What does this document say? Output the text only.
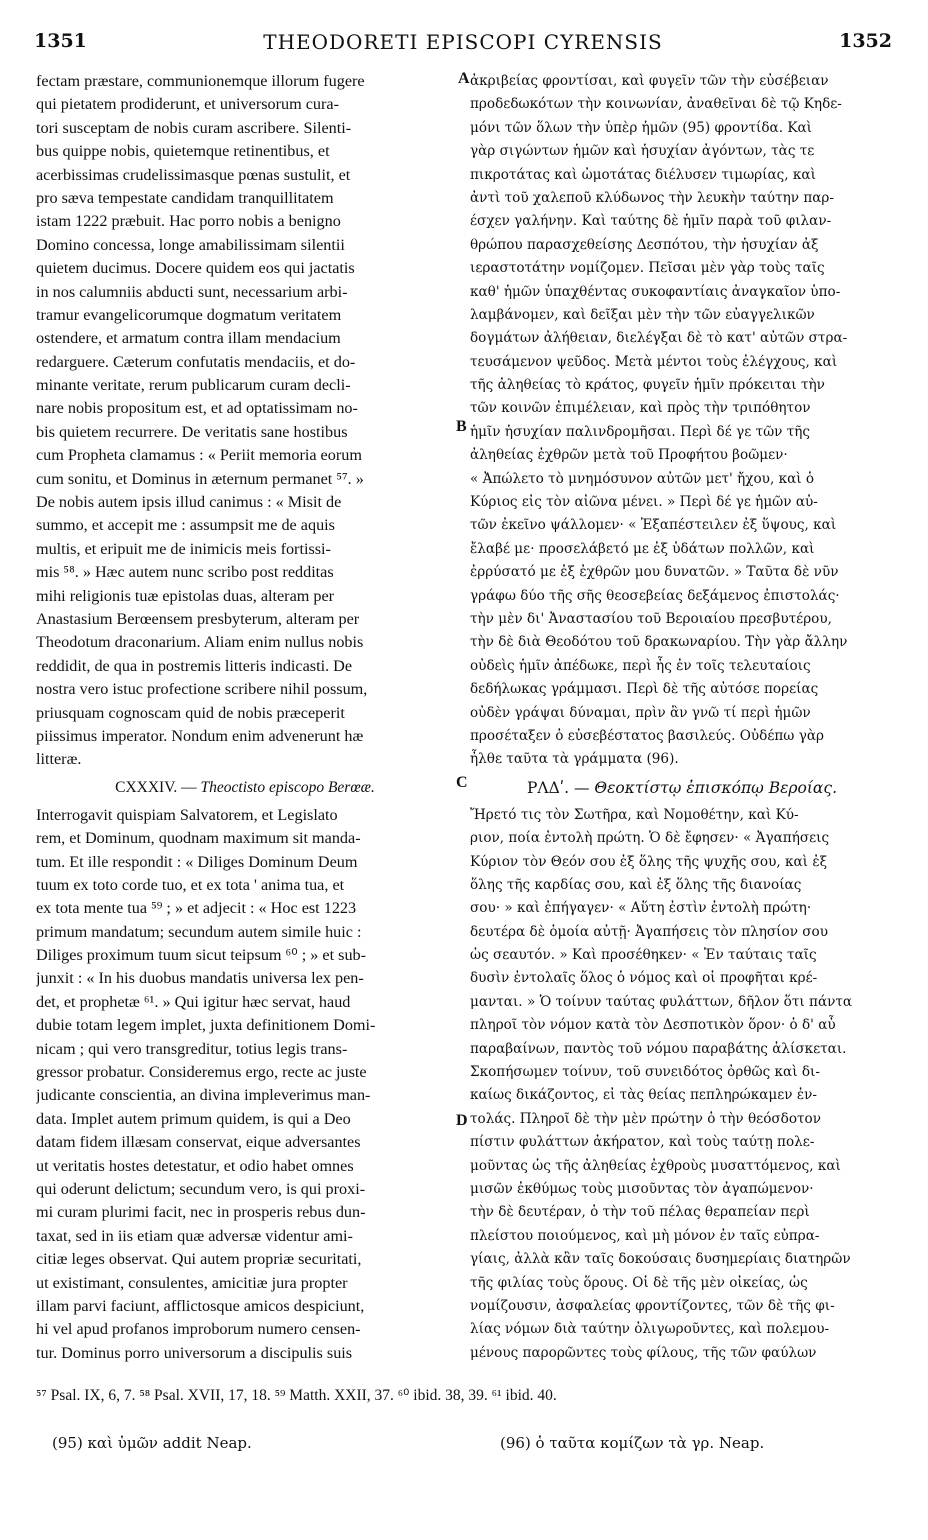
1351	THEODORETI EPISCOPI CYRENSIS	1352
fectam præstare, communionemque illorum fugere
qui pietatem prodiderunt, et universorum cura-
tori susceptam de nobis curam ascribere. Silenti-
bus quippe nobis, quietemque retinentibus, et
acerbissimas crudelissimasque pœnas sustulit, et
pro sæva tempestate candidam tranquillitatem
istam 1222 præbuit. Hac porro nobis a benigno
Domino concessa, longe amabilissimam silentii
quietem ducimus. Docere quidem eos qui jactatis
in nos calumniis abducti sunt, necessarium arbi-
tramur evangelicorumque dogmatum veritatem
ostendere, et armatum contra illam mendacium
redarguere. Cæterum confutatis mendaciis, et do-
minante veritate, rerum publicarum curam decli-
nare nobis propositum est, et ad optatissimam no-
bis quietem recurrere. De veritatis sane hostibus
cum Propheta clamamus : « Periit memoria eorum
cum sonitu, et Dominus in æternum permanet ⁵⁷. »
De nobis autem ipsis illud canimus : « Misit de
summo, et accepit me : assumpsit me de aquis
multis, et eripuit me de inimicis meis fortissi-
mis ⁵⁸. » Hæc autem nunc scribo post redditas
mihi religionis tuæ epistolas duas, alteram per
Anastasium Berœensem presbyterum, alteram per
Theodotum draconarium. Aliam enim nullus nobis
reddidit, de qua in postremis litteris indicasti. De
nostra vero istuc profectione scribere nihil possum,
priusquam cognoscam quid de nobis præceperit
piissimus imperator. Nondum enim advenerunt hæ
litteræ.
CXXXIV. — Theoctisto episcopo Berœæ.
Interrogavit quispiam Salvatorem, et Legislato
rem, et Dominum, quodnam maximum sit manda-
tum. Et ille respondit : « Diliges Dominum Deum
tuum ex toto corde tuo, et ex tota ' anima tua, et
ex tota mente tua ⁵⁹ ; » et adjecit : « Hoc est 1223
primum mandatum; secundum autem simile huic :
Diliges proximum tuum sicut teipsum ⁶⁰ ; » et sub-
junxit : « In his duobus mandatis universa lex pen-
det, et prophetæ ⁶¹. » Qui igitur hæc servat, haud
dubie totam legem implet, juxta definitionem Domi-
nicam ; qui vero transgreditur, totius legis trans-
gressor probatur. Consideremus ergo, recte ac juste
judicante conscientia, an divina impleverimus man-
data. Implet autem primum quidem, is qui a Deo
datam fidem illæsam conservat, eique adversantes
ut veritatis hostes detestatur, et odio habet omnes
qui oderunt delictum; secundum vero, is qui proxi-
mi curam plurimi facit, nec in prosperis rebus dun-
taxat, sed in iis etiam quæ adversæ videntur ami-
citiæ leges observat. Qui autem propriæ securitati,
ut existimant, consulentes, amicitiæ jura propter
illam parvi faciunt, afflictosque amicos despiciunt,
hi vel apud profanos improborum numero censen-
tur. Dominus porro universorum a discipulis suis
ἀκριβείας φροντίσαι, καὶ φυγεῖν τῶν τὴν εὐσέβειαν
προδεδωκότων τὴν κοινωνίαν, ἀναθεῖναι δὲ τῷ Κηδε-
μόνι τῶν ὅλων τὴν ὑπὲρ ἡμῶν (95) φροντίδα. Καὶ
γὰρ σιγώντων ἡμῶν καὶ ἡσυχίαν ἀγόντων, τὰς τε
πικροτάτας καὶ ὠμοτάτας διέλυσεν τιμωρίας, καὶ
ἀντὶ τοῦ χαλεποῦ κλύδωνος τὴν λευκὴν ταύτην παρ-
έσχεν γαλήνην. Καὶ ταύτης δὲ ἡμῖν παρὰ τοῦ φιλαν-
θρώπου παρασχεθείσης Δεσπότου, τὴν ἡσυχίαν ἀξ
ιεραστοτάτην νομίζομεν. Πεῖσαι μὲν γὰρ τοὺς ταῖς
καθ' ἡμῶν ὑπαχθέντας συκοφαντίαις ἀναγκαῖον ὑπο-
λαμβάνομεν, καὶ δεῖξαι μὲν τὴν τῶν εὐαγγελικῶν
δογμάτων ἀλήθειαν, διελέγξαι δὲ τὸ κατ' αὐτῶν στρα-
τευσάμενον ψεῦδος. Μετὰ μέντοι τοὺς ἐλέγχους, καὶ
τῆς ἀληθείας τὸ κράτος, φυγεῖν ἡμῖν πρόκειται τὴν
τῶν κοινῶν ἐπιμέλειαν, καὶ πρὸς τὴν τριπόθητον
ἡμῖν ἡσυχίαν παλινδρομῆσαι. Περὶ δέ γε τῶν τῆς
ἀληθείας ἐχθρῶν μετὰ τοῦ Προφήτου βοῶμεν·
« Ἀπώλετο τὸ μνημόσυνον αὐτῶν μετ' ἤχου, καὶ ὁ
Κύριος εἰς τὸν αἰῶνα μένει. » Περὶ δέ γε ἡμῶν αὐ-
τῶν ἐκεῖνο ψάλλομεν· « Ἐξαπέστειλεν ἐξ ὕψους, καὶ
ἔλαβέ με· προσελάβετό με ἐξ ὑδάτων πολλῶν, καὶ
ἐρρύσατό με ἐξ ἐχθρῶν μου δυνατῶν. » Ταῦτα δὲ νῦν
γράφω δύο τῆς σῆς θεοσεβείας δεξάμενος ἐπιστολάς·
τὴν μὲν δι' Ἀναστασίου τοῦ Βεροιαίου πρεσβυτέρου,
τὴν δὲ διὰ Θεοδότου τοῦ δρακωναρίου. Τὴν γὰρ ἄλλην
οὐδεὶς ἡμῖν ἀπέδωκε, περὶ ἧς ἐν τοῖς τελευταίοις
δεδήλωκας γράμμασι. Περὶ δὲ τῆς αὐτόσε πορείας
οὐδὲν γράψαι δύναμαι, πρὶν ἂν γνῶ τί περὶ ἡμῶν
προσέταξεν ὁ εὐσεβέστατος βασιλεύς. Οὐδέπω γὰρ
ἦλθε ταῦτα τὰ γράμματα (96).
ΡΛΔʹ. — Θεοκτίστῳ ἐπισκόπῳ Βεροίας.
Ἤρετό τις τὸν Σωτῆρα, καὶ Νομοθέτην, καὶ Κύ-
ριον, ποία ἐντολὴ πρώτη. Ὁ δὲ ἔφησεν· « Ἀγαπήσεις
Κύριον τὸν Θεόν σου ἐξ ὅλης τῆς ψυχῆς σου, καὶ ἐξ
ὅλης τῆς καρδίας σου, καὶ ἐξ ὅλης τῆς διανοίας
σου· » καὶ ἐπήγαγεν· « Αὕτη ἐστὶν ἐντολὴ πρώτη·
δευτέρα δὲ ὁμοία αὐτῇ· Ἀγαπήσεις τὸν πλησίον σου
ὡς σεαυτόν. » Καὶ προσέθηκεν· « Ἐν ταύταις ταῖς
δυσὶν ἐντολαῖς ὅλος ὁ νόμος καὶ οἱ προφῆται κρέ-
μανται. » Ὁ τοίνυν ταύτας φυλάττων, δῆλον ὅτι πάντα
πληροῖ τὸν νόμον κατὰ τὸν Δεσποτικὸν ὅρον· ὁ δ' αὖ
παραβαίνων, παντὸς τοῦ νόμου παραβάτης ἁλίσκεται.
Σκοπήσωμεν τοίνυν, τοῦ συνειδότος ὀρθῶς καὶ δι-
καίως δικάζοντος, εἰ τὰς θείας πεπληρώκαμεν ἐν-
τολάς. Πληροῖ δὲ τὴν μὲν πρώτην ὁ τὴν θεόσδοτον
πίστιν φυλάττων ἀκήρατον, καὶ τοὺς ταύτῃ πολε-
μοῦντας ὡς τῆς ἀληθείας ἐχθροὺς μυσαττόμενος, καὶ
μισῶν ἐκθύμως τοὺς μισοῦντας τὸν ἀγαπώμενον·
τὴν δὲ δευτέραν, ὁ τὴν τοῦ πέλας θεραπείαν περὶ
πλείστου ποιούμενος, καὶ μὴ μόνον ἐν ταῖς εὐπρα-
γίαις, ἀλλὰ κἂν ταῖς δοκούσαις δυσημερίαις διατηρῶν
τῆς φιλίας τοὺς ὅρους. Οἱ δὲ τῆς μὲν οἰκείας, ὡς
νομίζουσιν, ἀσφαλείας φροντίζοντες, τῶν δὲ τῆς φι-
λίας νόμων διὰ ταύτην ὀλιγωροῦντες, καὶ πολεμου-
μένους παρορῶντες τοὺς φίλους, τῆς τῶν φαύλων
A
B
C
D
⁵⁷ Psal. IX, 6, 7. ⁵⁸ Psal. XVII, 17, 18. ⁵⁹ Matth. XXII, 37. ⁶⁰ ibid. 38, 39. ⁶¹ ibid. 40.
(95) καὶ ὑμῶν addit Neap.	(96) ὁ ταῦτα κομίζων τὰ γρ. Neap.
